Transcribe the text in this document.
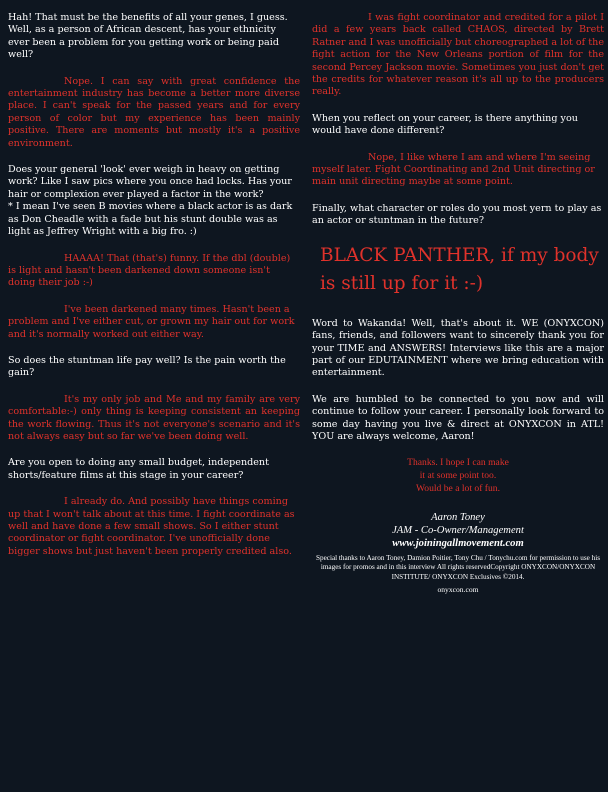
Hah! That must be the benefits of all your genes, I guess. Well, as a person of African descent, has your ethnicity ever been a problem for you getting work or being paid well?

Nope. I can say with great confidence the entertainment industry has become a better more diverse place. I can't speak for the passed years and for every person of color but my experience has been mainly positive. There are moments but mostly it's a positive environment.

Does your general 'look' ever weigh in heavy on getting work? Like I saw pics where you once had locks. Has your hair or complexion ever played a factor in the work?

* I mean I've seen B movies where a black actor is as dark as Don Cheadle with a fade but his stunt double was as light as Jeffrey Wright with a big fro. :)

HAAAA! That (that's) funny. If the dbl (double) is light and hasn't been darkened down someone isn't doing their job :-)

I've been darkened many times. Hasn't been a problem and I've either cut, or grown my hair out for work and it's normally worked out either way.

So does the stuntman life pay well? Is the pain worth the gain?

It's my only job and Me and my family are very comfortable:-) only thing is keeping consistent an keeping the work flowing. Thus it's not everyone's scenario and it's not always easy but so far we've been doing well.

Are you open to doing any small budget, independent shorts/feature films at this stage in your career?

I already do. And possibly have things coming up that I won't talk about at this time. I fight coordinate as well and have done a few small shows. So I either stunt coordinator or fight coordinator. I've unofficially done bigger shows but just haven't been properly credited also.

I was fight coordinator and credited for a pilot I did a few years back called CHAOS, directed by Brett Ratner and I was unofficially but choreographed a lot of the fight action for the New Orleans portion of film for the second Percey Jackson movie. Sometimes you just don't get the credits for whatever reason it's all up to the producers really.

When you reflect on your career, is there anything you would have done different?

Nope, I like where I am and where I'm seeing myself later. Fight Coordinating and 2nd Unit directing or main unit directing maybe at some point.

Finally, what character or roles do you most yern to play as an actor or stuntman in the future?

BLACK PANTHER, if my body is still up for it :-)

Word to Wakanda! Well, that's about it. WE (ONYXCON) fans, friends, and followers want to sincerely thank you for your TIME and ANSWERS! Interviews like this are a major part of our EDUTAINMENT where we bring education with entertainment.

We are humbled to be connected to you now and will continue to follow your career. I personally look forward to some day having you live & direct at ONYXCON in ATL! YOU are always welcome, Aaron!

Thanks. I hope I can make
it at some point too.
Would be a lot of fun.
Aaron Toney
JAM - Co-Owner/Management
www.joiningallmovement.com
Special thanks to Aaron Toney, Damion Poitier, Tony Chu / Tonychu.com for permission to use his images for promos and in this interview All rights reservedCopyright ONYXCON/ONYXCON INSTITUTE/ ONYXCON Exclusives ©2014.
onyxcon.com
